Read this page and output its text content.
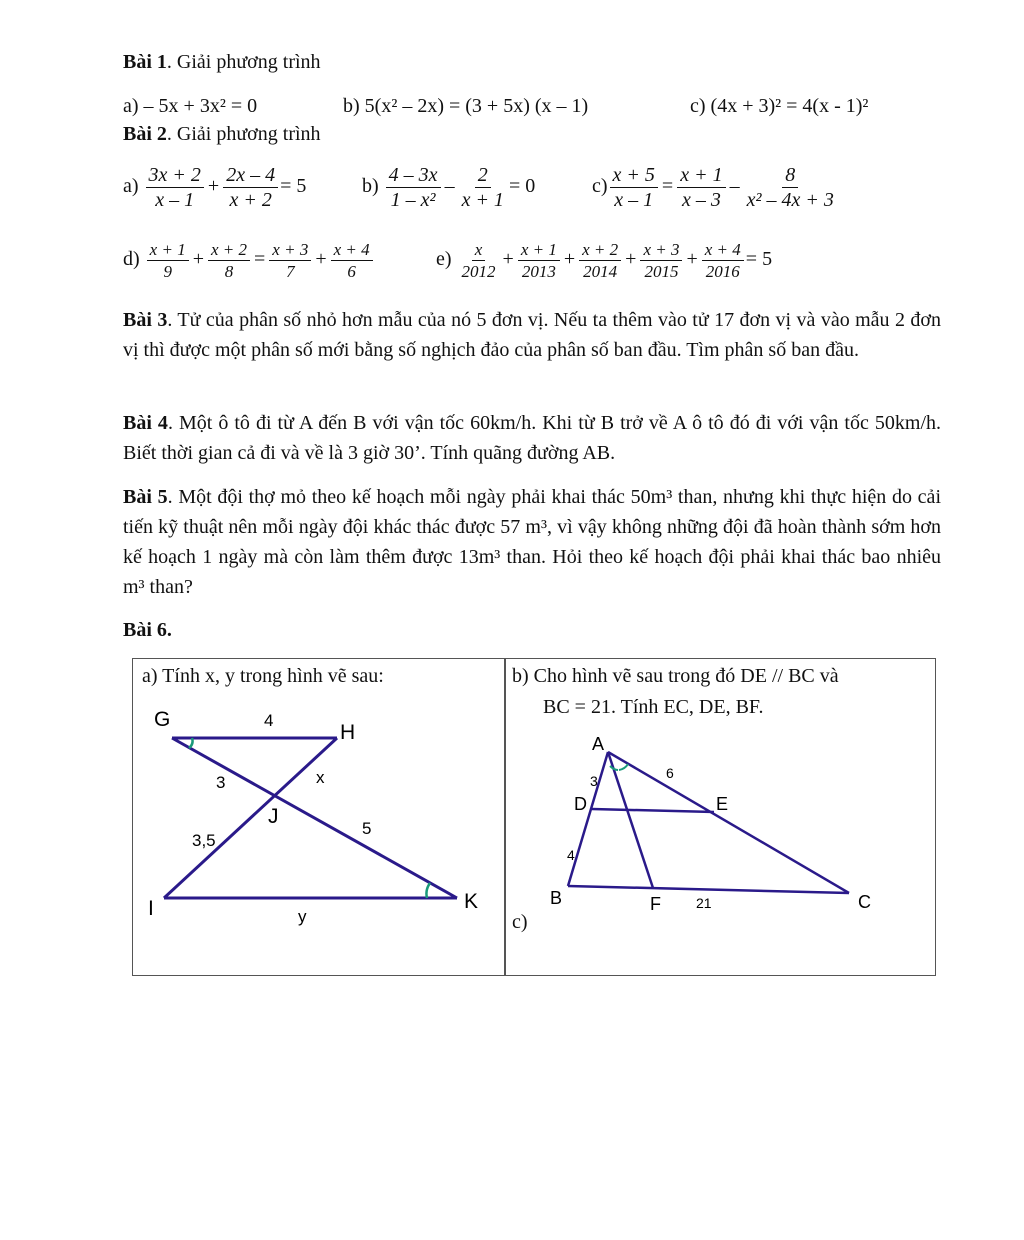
Bài 1. Giải phương trình
a) – 5x + 3x² = 0	b) 5(x² – 2x) = (3 + 5x) (x – 1)	c) (4x + 3)² = 4(x - 1)²
Bài 2. Giải phương trình
$a) \frac{3x + 2}{x - 1} + \frac{2x - 4}{x + 2} = 5$	$b) \frac{4 - 3x}{\text{1 – x²}} - \frac{2}{x + 1} = 0$	$c) \frac{x + 5}{x - 1} = \frac{x + 1}{x - 3} - \frac{8}{\text{x² – 4x + 3}}$
$d) \frac{x + 1}{9} + \frac{x + 2}{8} = \frac{x + 3}{7} + \frac{x + 4}{6}$	$e) \frac{x}{2012} + \frac{x + 1}{2013} + \frac{x + 2}{2014} + \frac{x + 3}{2015} + \frac{x + 4}{2016} = 5$
Bài 3. Tử của phân số nhỏ hơn mẫu của nó 5 đơn vị. Nếu ta thêm vào tử 17 đơn vị và vào mẫu 2 đơn vị thì được một phân số mới bằng số nghịch đảo của phân số ban đầu. Tìm phân số ban đầu.
Bài 4. Một ô tô đi từ A đến B với vận tốc 60km/h. Khi từ B trở về A ô tô đó đi với vận tốc 50km/h. Biết thời gian cả đi và về là 3 giờ 30’. Tính quãng đường AB.
Bài 5. Một đội thợ mỏ theo kế hoạch mỗi ngày phải khai thác 50m³ than, nhưng khi thực hiện do cải tiến kỹ thuật nên mỗi ngày đội khác thác được 57 m³, vì vậy không những đội đã hoàn thành sớm hơn kế hoạch 1 ngày mà còn làm thêm được 13m³ than. Hỏi theo kế hoạch đội phải khai thác bao nhiêu m³ than?
Bài 6.
a) Tính x, y trong hình vẽ sau:	b) Cho hình vẽ sau trong đó DE // BC và
BC = 21. Tính EC, DE, BF.
c)
G
H
I
J
K
4
3	x
3,5
5
y
A
B	C
D	E
F
3	6
4
21
